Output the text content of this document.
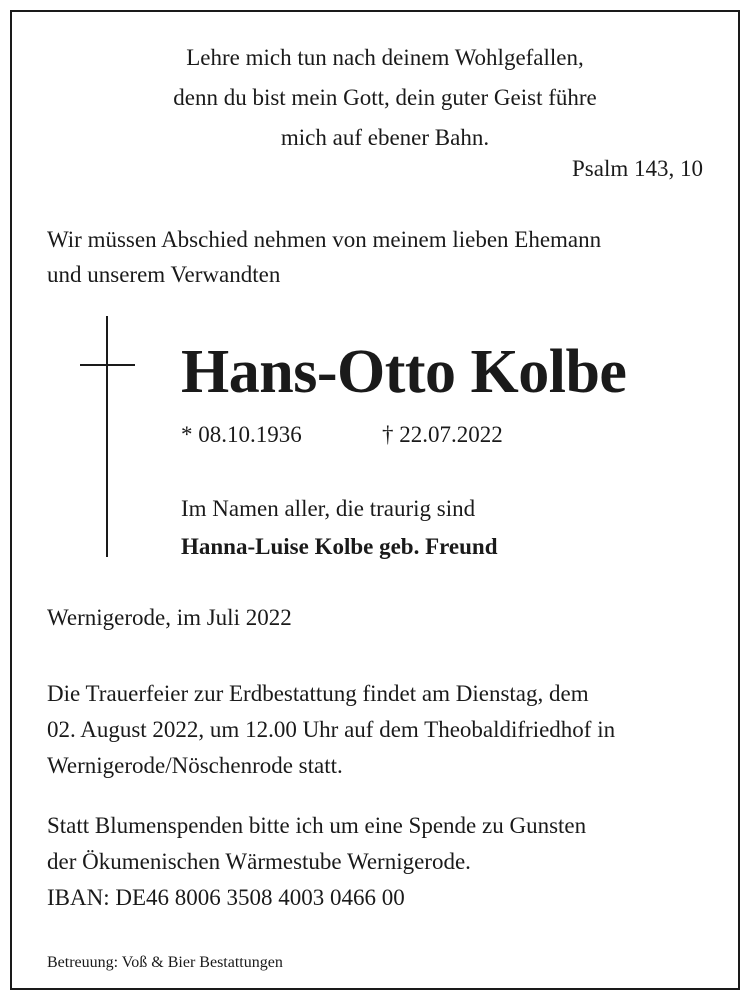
Lehre mich tun nach deinem Wohlgefallen,
denn du bist mein Gott, dein guter Geist führe
mich auf ebener Bahn.
Psalm 143, 10
Wir müssen Abschied nehmen von meinem lieben Ehemann
und unserem Verwandten
Hans-Otto Kolbe
* 08.10.1936	† 22.07.2022
Im Namen aller, die traurig sind
Hanna-Luise Kolbe geb. Freund
Wernigerode, im Juli 2022
Die Trauerfeier zur Erdbestattung findet am Dienstag, dem
02. August 2022, um 12.00 Uhr auf dem Theobaldifriedhof in
Wernigerode/Nöschenrode statt.
Statt Blumenspenden bitte ich um eine Spende zu Gunsten
der Ökumenischen Wärmestube Wernigerode.
IBAN: DE46 8006 3508 4003 0466 00
Betreuung: Voß & Bier Bestattungen
